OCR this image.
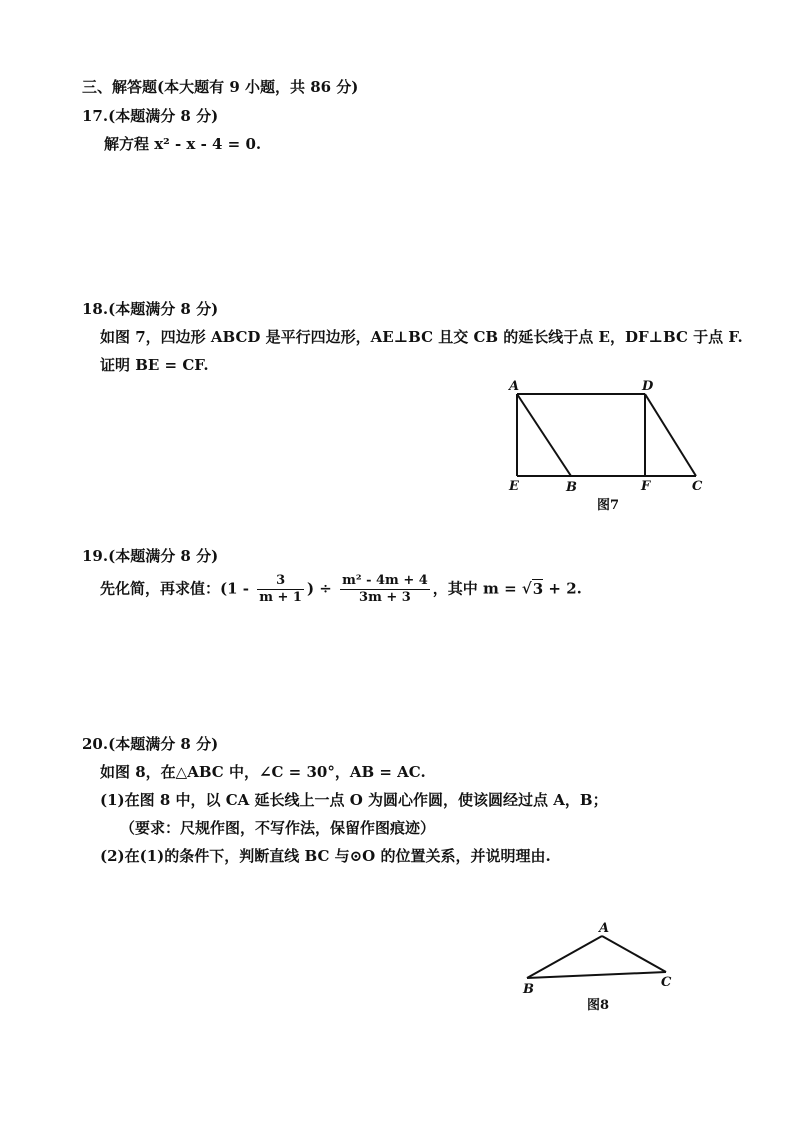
三、解答题(本大题有 9 小题，共 86 分)
17.(本题满分 8 分)
解方程 x² - x - 4 = 0.
18.(本题满分 8 分)
如图 7，四边形 ABCD 是平行四边形，AE⊥BC 且交 CB 的延长线于点 E，DF⊥BC 于点 F.
证明 BE = CF.
A	D
E	B	F	C
图7
19.(本题满分 8 分)
先化简，再求值：($1 - \frac{3}{m + 1}$ ) ÷ $\frac{\text{m² - 4m + 4}}{3m + 3}$ ，其中 m = √3 + 2.
20.(本题满分 8 分)
如图 8，在△ABC 中，∠C = 30°，AB = AC.
(1)在图 8 中，以 CA 延长线上一点 O 为圆心作圆，使该圆经过点 A，B；
（要求：尺规作图，不写作法，保留作图痕迹）
(2)在(1)的条件下，判断直线 BC 与⊙O 的位置关系，并说明理由.
A
B	C
图8
